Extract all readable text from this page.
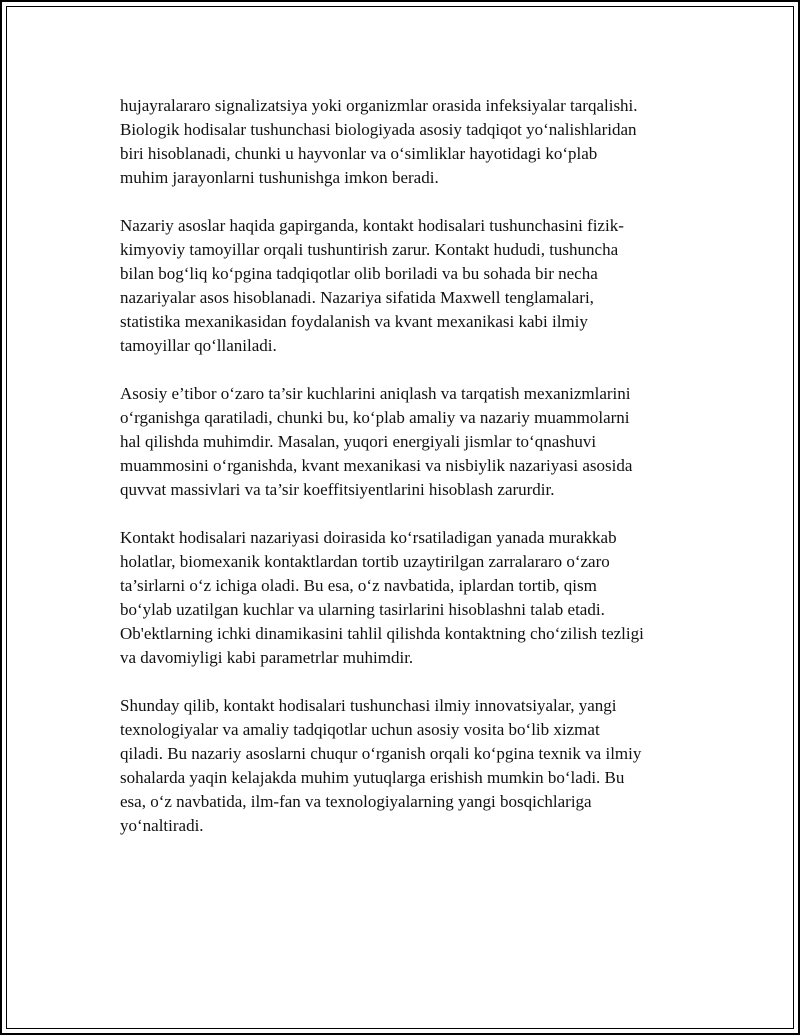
hujayralararo signalizatsiya yoki organizmlar orasida infeksiyalar tarqalishi.
Biologik hodisalar tushunchasi biologiyada asosiy tadqiqot yo‘nalishlaridan
biri hisoblanadi, chunki u hayvonlar va o‘simliklar hayotidagi ko‘plab
muhim jarayonlarni tushunishga imkon beradi.

Nazariy asoslar haqida gapirganda, kontakt hodisalari tushunchasini fizik-
kimyoviy tamoyillar orqali tushuntirish zarur. Kontakt hududi, tushuncha
bilan bog‘liq ko‘pgina tadqiqotlar olib boriladi va bu sohada bir necha
nazariyalar asos hisoblanadi. Nazariya sifatida Maxwell tenglamalari,
statistika mexanikasidan foydalanish va kvant mexanikasi kabi ilmiy
tamoyillar qo‘llaniladi.

Asosiy e’tibor o‘zaro ta’sir kuchlarini aniqlash va tarqatish mexanizmlarini
o‘rganishga qaratiladi, chunki bu, ko‘plab amaliy va nazariy muammolarni
hal qilishda muhimdir. Masalan, yuqori energiyali jismlar to‘qnashuvi
muammosini o‘rganishda, kvant mexanikasi va nisbiylik nazariyasi asosida
quvvat massivlari va ta’sir koeffitsiyentlarini hisoblash zarurdir.

Kontakt hodisalari nazariyasi doirasida ko‘rsatiladigan yanada murakkab
holatlar, biomexanik kontaktlardan tortib uzaytirilgan zarralararo o‘zaro
ta’sirlarni o‘z ichiga oladi. Bu esa, o‘z navbatida, iplardan tortib, qism
bo‘ylab uzatilgan kuchlar va ularning tasirlarini hisoblashni talab etadi.
Ob'ektlarning ichki dinamikasini tahlil qilishda kontaktning cho‘zilish tezligi
va davomiyligi kabi parametrlar muhimdir.

Shunday qilib, kontakt hodisalari tushunchasi ilmiy innovatsiyalar, yangi
texnologiyalar va amaliy tadqiqotlar uchun asosiy vosita bo‘lib xizmat
qiladi. Bu nazariy asoslarni chuqur o‘rganish orqali ko‘pgina texnik va ilmiy
sohalarda yaqin kelajakda muhim yutuqlarga erishish mumkin bo‘ladi. Bu
esa, o‘z navbatida, ilm-fan va texnologiyalarning yangi bosqichlariga
yo‘naltiradi.
